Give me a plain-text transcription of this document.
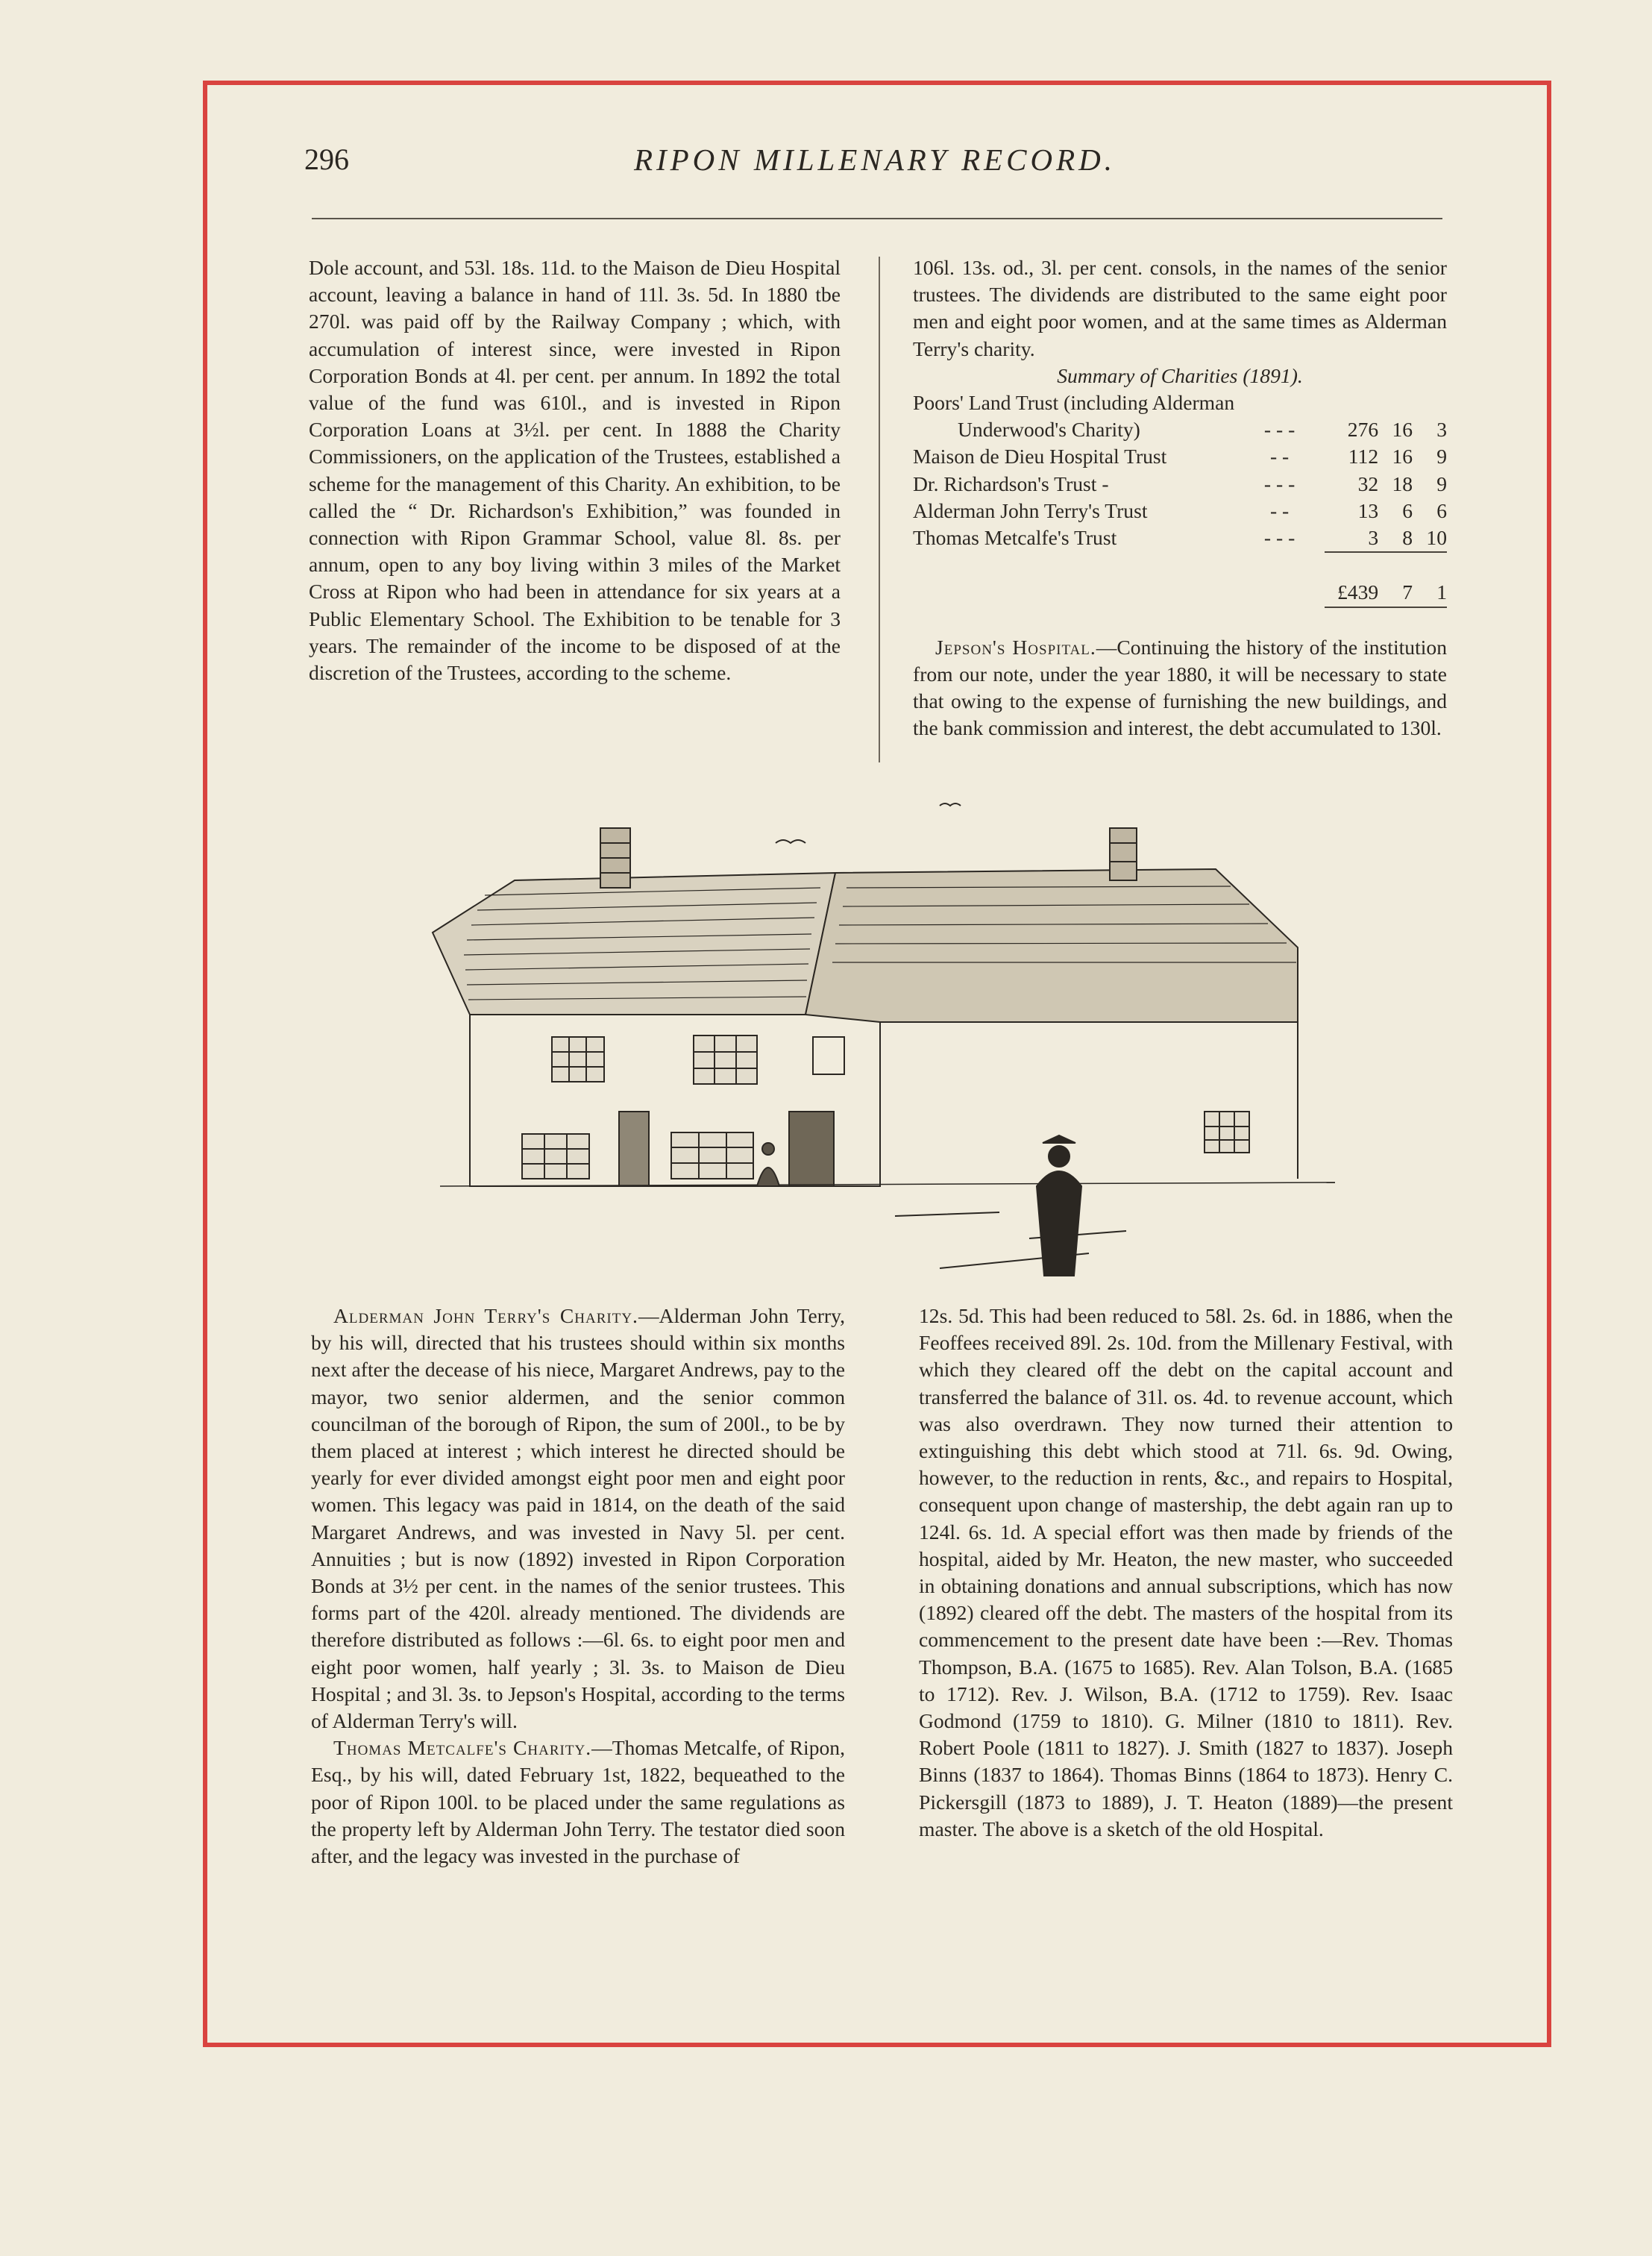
296	RIPON MILLENARY RECORD.

Dole account, and 53l. 18s. 11d. to the Maison de Dieu Hospital account, leaving a balance in hand of 11l. 3s. 5d. In 1880 tbe 270l. was paid off by the Railway Company ; which, with accumulation of interest since, were invested in Ripon Corporation Bonds at 4l. per cent. per annum. In 1892 the total value of the fund was 610l., and is invested in Ripon Corporation Loans at 3½l. per cent. In 1888 the Charity Commissioners, on the application of the Trustees, established a scheme for the management of this Charity. An exhibition, to be called the “ Dr. Richardson's Exhibition,” was founded in connection with Ripon Grammar School, value 8l. 8s. per annum, open to any boy living within 3 miles of the Market Cross at Ripon who had been in attendance for six years at a Public Elementary School. The Exhibition to be tenable for 3 years. The remainder of the income to be disposed of at the discretion of the Trustees, according to the scheme.

106l. 13s. od., 3l. per cent. consols, in the names of the senior trustees. The dividends are distributed to the same eight poor men and eight poor women, and at the same times as Alderman Terry's charity.

Summary of Charities (1891).

Poors' Land Trust (including Alderman				
Underwood's Charity)	- - -	276	16	3
Maison de Dieu Hospital Trust	- -	112	16	9
Dr. Richardson's Trust -	- - -	32	18	9
Alderman John Terry's Trust	- -	13	6	6
Thomas Metcalfe's Trust	- - -	3	8	10

		£439	7	1

Jepson's Hospital.—Continuing the history of the institution from our note, under the year 1880, it will be necessary to state that owing to the expense of furnishing the new buildings, and the bank commission and interest, the debt accumulated to 130l.

Alderman John Terry's Charity.—Alderman John Terry, by his will, directed that his trustees should within six months next after the decease of his niece, Margaret Andrews, pay to the mayor, two senior aldermen, and the senior common councilman of the borough of Ripon, the sum of 200l., to be by them placed at interest ; which interest he directed should be yearly for ever divided amongst eight poor men and eight poor women. This legacy was paid in 1814, on the death of the said Margaret Andrews, and was invested in Navy 5l. per cent. Annuities ; but is now (1892) invested in Ripon Corporation Bonds at 3½ per cent. in the names of the senior trustees. This forms part of the 420l. already mentioned. The dividends are therefore distributed as follows :—6l. 6s. to eight poor men and eight poor women, half yearly ; 3l. 3s. to Maison de Dieu Hospital ; and 3l. 3s. to Jepson's Hospital, according to the terms of Alderman Terry's will.

Thomas Metcalfe's Charity.—Thomas Metcalfe, of Ripon, Esq., by his will, dated February 1st, 1822, bequeathed to the poor of Ripon 100l. to be placed under the same regulations as the property left by Alderman John Terry. The testator died soon after, and the legacy was invested in the purchase of

12s. 5d. This had been reduced to 58l. 2s. 6d. in 1886, when the Feoffees received 89l. 2s. 10d. from the Millenary Festival, with which they cleared off the debt on the capital account and transferred the balance of 31l. os. 4d. to revenue account, which was also overdrawn. They now turned their attention to extinguishing this debt which stood at 71l. 6s. 9d. Owing, however, to the reduction in rents, &c., and repairs to Hospital, consequent upon change of mastership, the debt again ran up to 124l. 6s. 1d. A special effort was then made by friends of the hospital, aided by Mr. Heaton, the new master, who succeeded in obtaining donations and annual subscriptions, which has now (1892) cleared off the debt. The masters of the hospital from its commencement to the present date have been :—Rev. Thomas Thompson, B.A. (1675 to 1685). Rev. Alan Tolson, B.A. (1685 to 1712). Rev. J. Wilson, B.A. (1712 to 1759). Rev. Isaac Godmond (1759 to 1810). G. Milner (1810 to 1811). Rev. Robert Poole (1811 to 1827). J. Smith (1827 to 1837). Joseph Binns (1837 to 1864). Thomas Binns (1864 to 1873). Henry C. Pickersgill (1873 to 1889), J. T. Heaton (1889)—the present master. The above is a sketch of the old Hospital.
